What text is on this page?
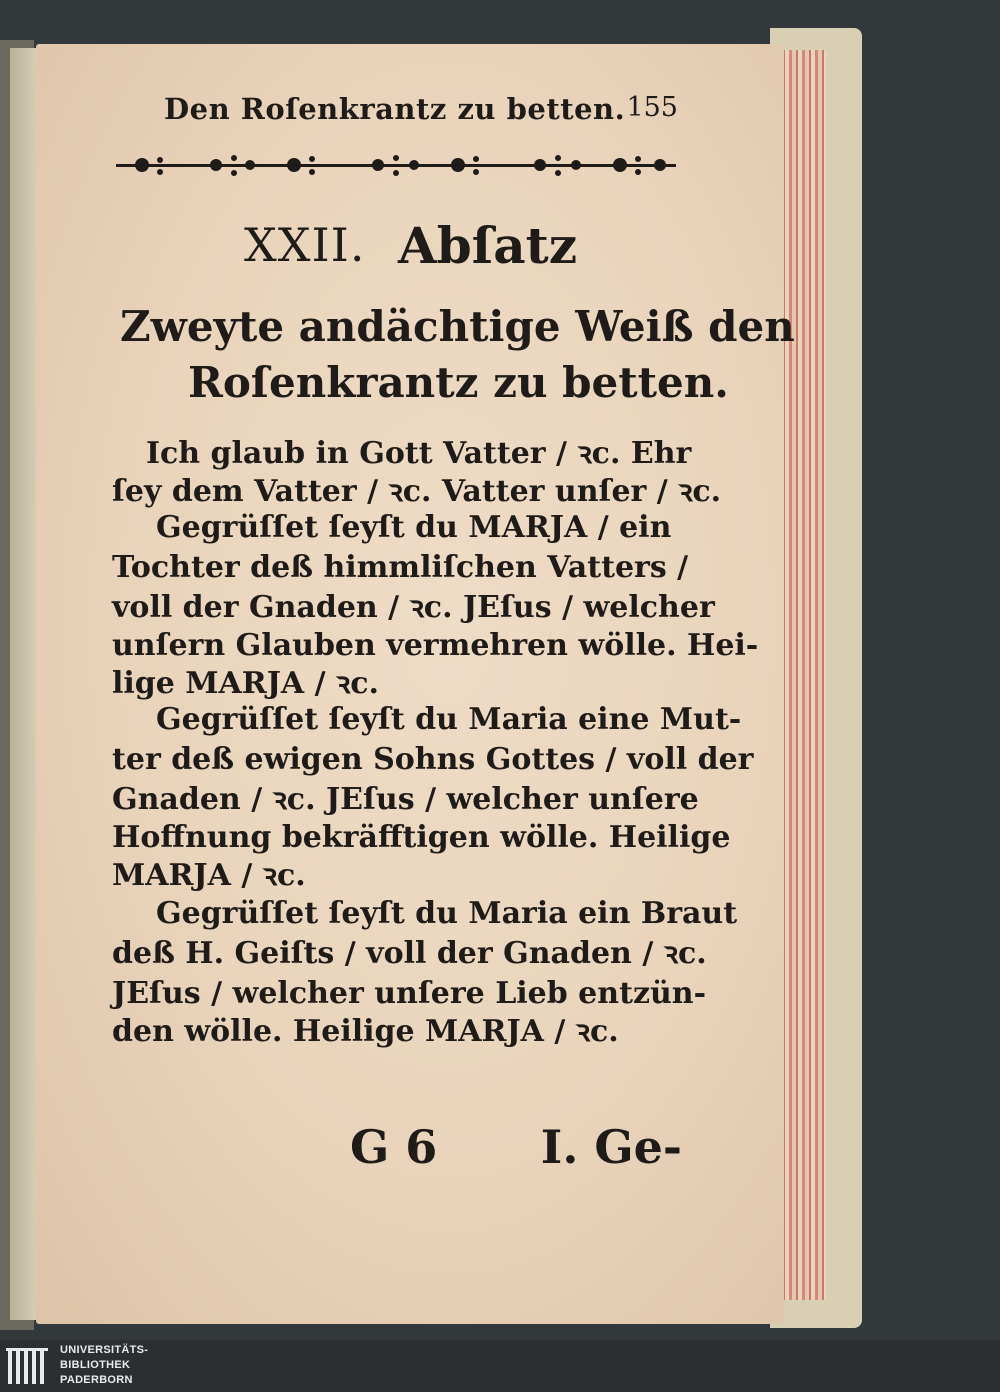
Den Roſenkrantz zu betten. 155
XXII. Abſatz
Zweyte andächtige Weiß den
Roſenkrantz zu betten.
Ich glaub in Gott Vatter / ꝛc. Ehr
ſey dem Vatter / ꝛc. Vatter unſer / ꝛc.
Gegrüſſet ſeyſt du MARJA / ein
Tochter deß himmliſchen Vatters /
voll der Gnaden / ꝛc. JEſus / welcher
unſern Glauben vermehren wölle. Hei-
lige MARJA / ꝛc.
Gegrüſſet ſeyſt du Maria eine Mut-
ter deß ewigen Sohns Gottes / voll der
Gnaden / ꝛc. JEſus / welcher unſere
Hoffnung bekräfftigen wölle. Heilige
MARJA / ꝛc.
Gegrüſſet ſeyſt du Maria ein Braut
deß H. Geiſts / voll der Gnaden / ꝛc.
JEſus / welcher unſere Lieb entzün-
den wölle. Heilige MARJA / ꝛc.
G 6 I. Ge-
UNIVERSITÄTS-
BIBLIOTHEK
PADERBORN
